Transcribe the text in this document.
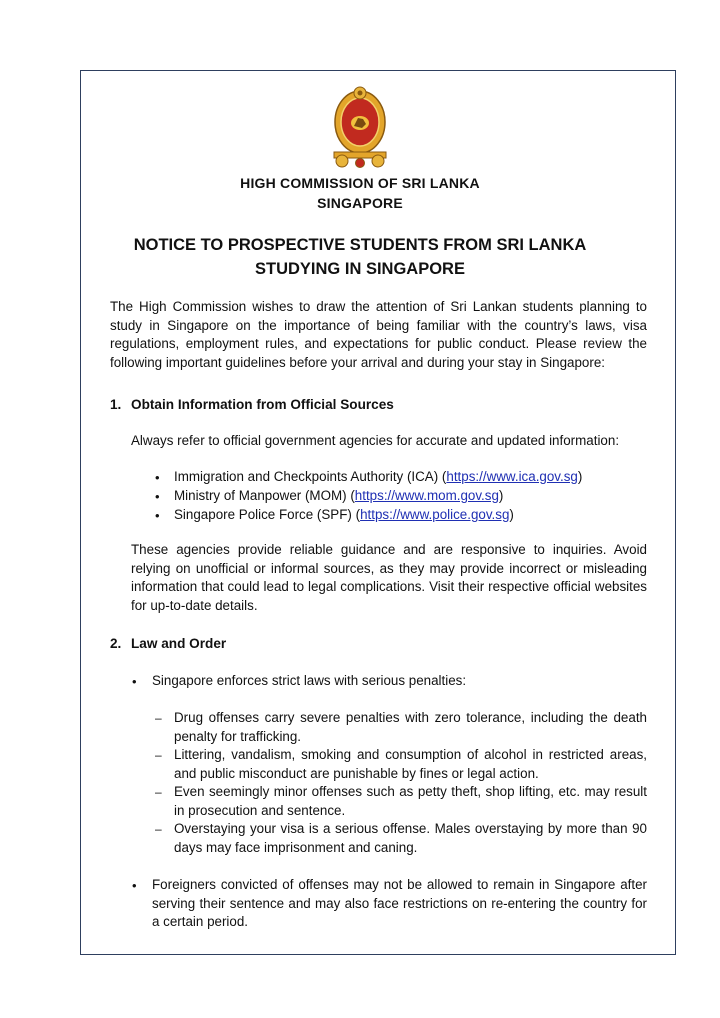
HIGH COMMISSION OF SRI LANKA
SINGAPORE
NOTICE TO PROSPECTIVE STUDENTS FROM SRI LANKA
STUDYING IN SINGAPORE

The High Commission wishes to draw the attention of Sri Lankan students planning to study in Singapore on the importance of being familiar with the country’s laws, visa regulations, employment rules, and expectations for public conduct. Please review the following important guidelines before your arrival and during your stay in Singapore:

1. Obtain Information from Official Sources
Always refer to official government agencies for accurate and updated information:
• Immigration and Checkpoints Authority (ICA) (https://www.ica.gov.sg)
• Ministry of Manpower (MOM) (https://www.mom.gov.sg)
• Singapore Police Force (SPF) (https://www.police.gov.sg)

These agencies provide reliable guidance and are responsive to inquiries. Avoid relying on unofficial or informal sources, as they may provide incorrect or misleading information that could lead to legal complications. Visit their respective official websites for up-to-date details.

2. Law and Order
• Singapore enforces strict laws with serious penalties:
– Drug offenses carry severe penalties with zero tolerance, including the death penalty for trafficking.

– Littering, vandalism, smoking and consumption of alcohol in restricted areas, and public misconduct are punishable by fines or legal action.

– Even seemingly minor offenses such as petty theft, shop lifting, etc. may result in prosecution and sentence.

– Overstaying your visa is a serious offense. Males overstaying by more than 90 days may face imprisonment and caning.

• Foreigners convicted of offenses may not be allowed to remain in Singapore after serving their sentence and may also face restrictions on re-entering the country for a certain period.
